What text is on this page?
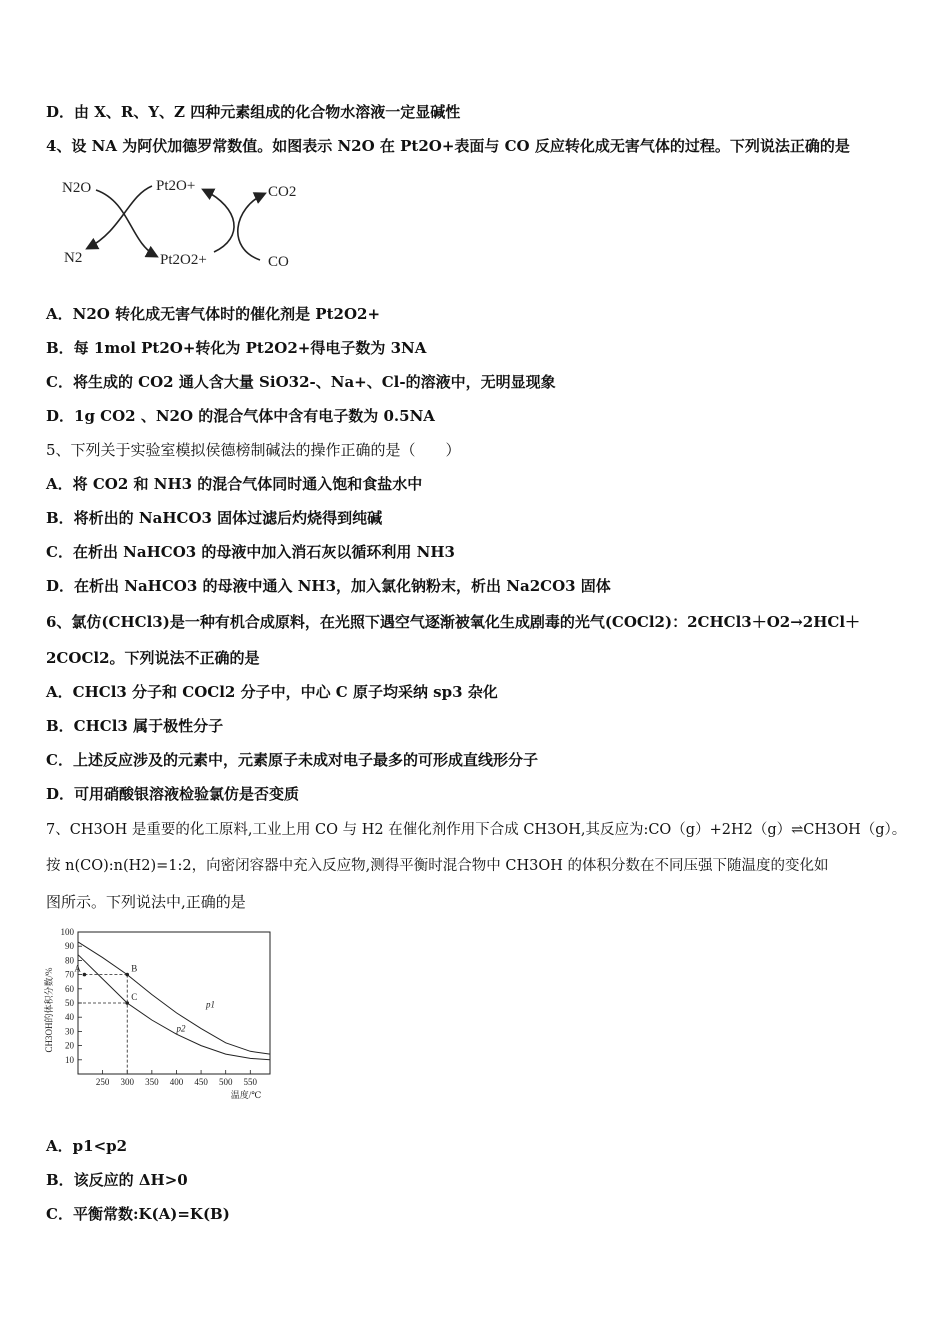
D．由 X、R、Y、Z 四种元素组成的化合物水溶液一定显碱性
4、设 NA 为阿伏加德罗常数值。如图表示 N2O 在 Pt2O+表面与 CO 反应转化成无害气体的过程。下列说法正确的是
N2O
N2
Pt2O+
Pt2O2+
CO2
CO
A．N2O 转化成无害气体时的催化剂是 Pt2O2+
B．每 1mol Pt2O+转化为 Pt2O2+得电子数为 3NA
C．将生成的 CO2 通人含大量 SiO32-、Na+、Cl-的溶液中，无明显现象
D．1g CO2 、N2O 的混合气体中含有电子数为 0.5NA
5、下列关于实验室模拟侯德榜制碱法的操作正确的是（　　）
A．将 CO2 和 NH3 的混合气体同时通入饱和食盐水中
B．将析出的 NaHCO3 固体过滤后灼烧得到纯碱
C．在析出 NaHCO3 的母液中加入消石灰以循环利用 NH3
D．在析出 NaHCO3 的母液中通入 NH3，加入氯化钠粉末，析出 Na2CO3 固体
6、氯仿(CHCl3)是一种有机合成原料，在光照下遇空气逐渐被氧化生成剧毒的光气(COCl2)：2CHCl3＋O2→2HCl＋
2COCl2。下列说法不正确的是
A．CHCl3 分子和 COCl2 分子中，中心 C 原子均采纳 sp3 杂化
B．CHCl3 属于极性分子
C．上述反应涉及的元素中，元素原子未成对电子最多的可形成直线形分子
D．可用硝酸银溶液检验氯仿是否变质
7、CH3OH 是重要的化工原料,工业上用 CO 与 H2 在催化剂作用下合成 CH3OH,其反应为:CO（g）+2H2（g）⇌CH3OH（g）。
按 n(CO):n(H2)=1:2，向密闭容器中充入反应物,测得平衡时混合物中 CH3OH 的体积分数在不同压强下随温度的变化如
图所示。下列说法中,正确的是
CH3OH的体积分数/%
温度/℃
10
20
30
40
50
60
70
80
90
100
250 300 350 400 450 500 550
p1
p2
A	B
C
A．p1<p2
B．该反应的 ΔH>0
C．平衡常数:K(A)=K(B)
